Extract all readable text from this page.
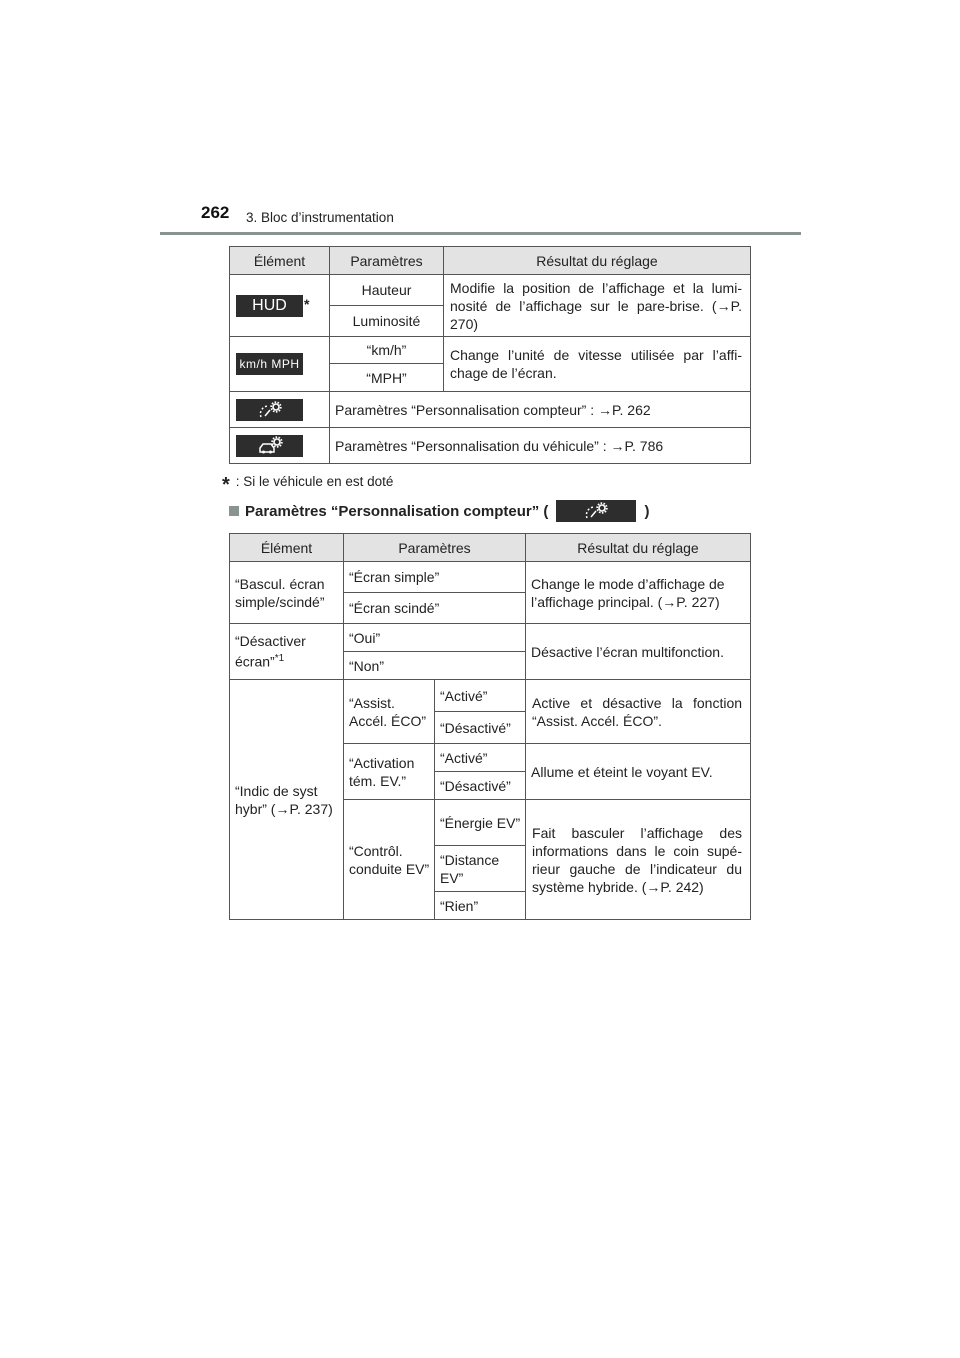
262 3. Bloc d’instrumentation
Élément	Paramètres	Résultat du réglage
HUD *	Hauteur	Modifie la position de l’affichage et la lumi-nosité de l’affichage sur le pare-brise. (→P. 270)
	Luminosité	
km/h MPH	“km/h”	Change l’unité de vitesse utilisée par l’affi-chage de l’écran.
	“MPH”	

	Paramètres “Personnalisation compteur” : →P. 262	

	Paramètres “Personnalisation du véhicule” : →P. 786	
* : Si le véhicule en est doté
Paramètres “Personnalisation compteur” (	)
Élément	Paramètres		Résultat du réglage
“Bascul. écran simple/scindé”	“Écran simple”		Change le mode d’affichage de l’affichage principal. (→P. 227)
	“Écran scindé”		
“Désactiver écran”$^{*1}$	“Oui”		Désactive l’écran multifonction.
	“Non”		
“Indic de syst hybr” (→P. 237)	“Assist. Accél. ÉCO”	“Activé”	Active et désactive la fonction “Assist. Accél. ÉCO”.
		“Désactivé”	
	“Activation tém. EV.”	“Activé”	Allume et éteint le voyant EV.
		“Désactivé”	
	“Contrôl. conduite EV”	“Énergie EV”	Fait basculer l’affichage des informations dans le coin supé-rieur gauche de l’indicateur du système hybride. (→P. 242)
		“Distance EV”	
		“Rien”	
